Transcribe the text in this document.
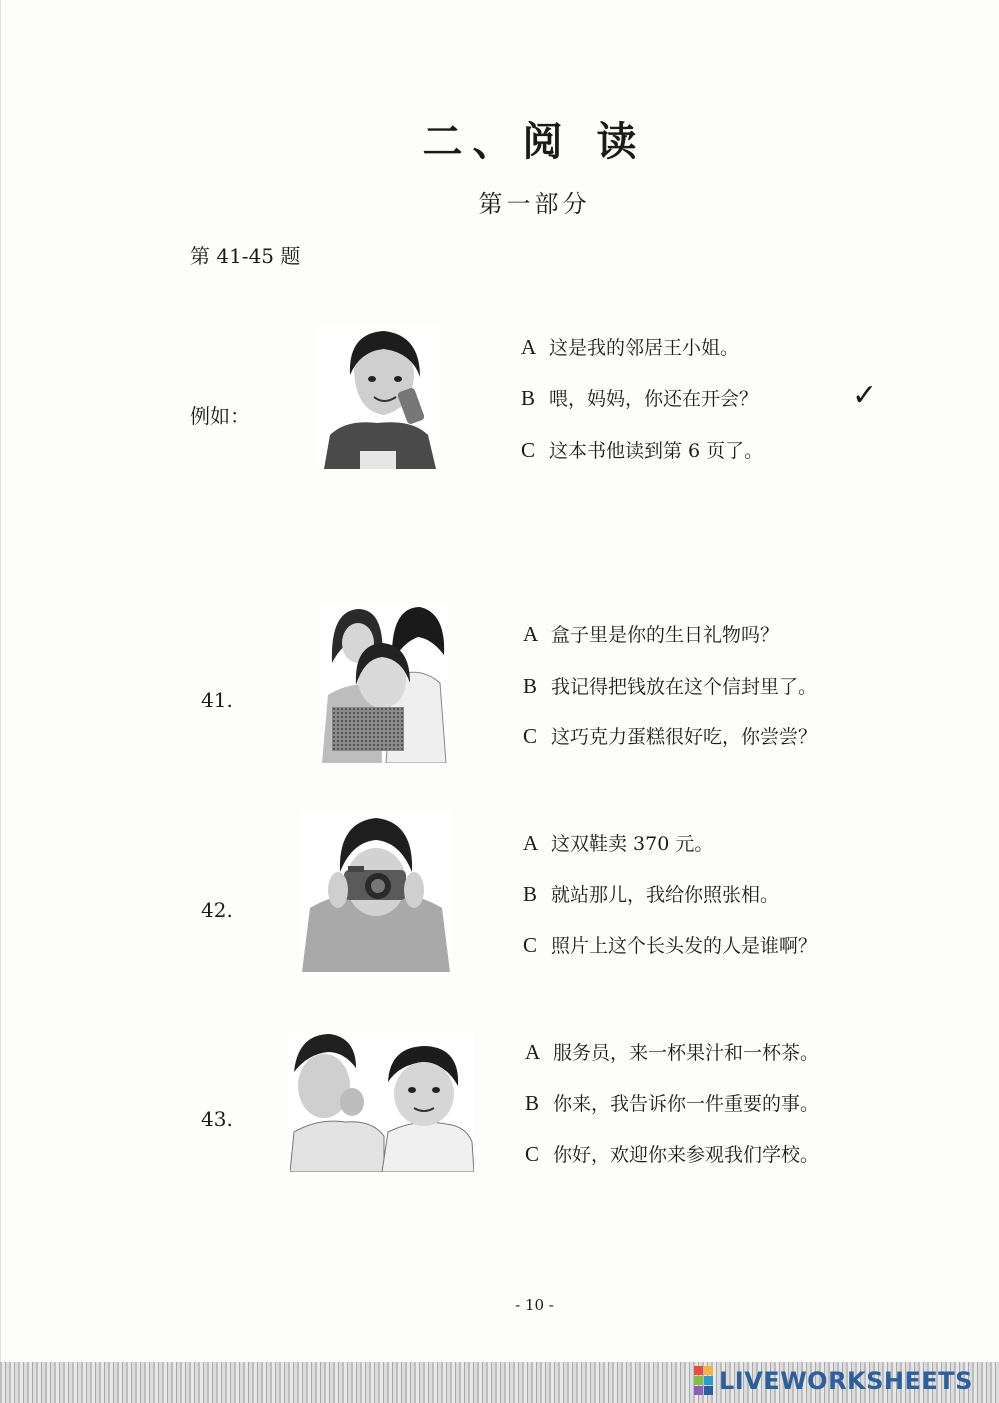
二、阅 读
第一部分
第 41-45 题
例如：
A 这是我的邻居王小姐。
B 喂，妈妈，你还在开会？
C 这本书他读到第 6 页了。
✓
41.
A 盒子里是你的生日礼物吗？
B 我记得把钱放在这个信封里了。
C 这巧克力蛋糕很好吃，你尝尝？
42.
A 这双鞋卖 370 元。
B 就站那儿，我给你照张相。
C 照片上这个长头发的人是谁啊？
43.
A 服务员，来一杯果汁和一杯茶。
B 你来，我告诉你一件重要的事。
C 你好，欢迎你来参观我们学校。
- 10 -
LIVEWORKSHEETS
